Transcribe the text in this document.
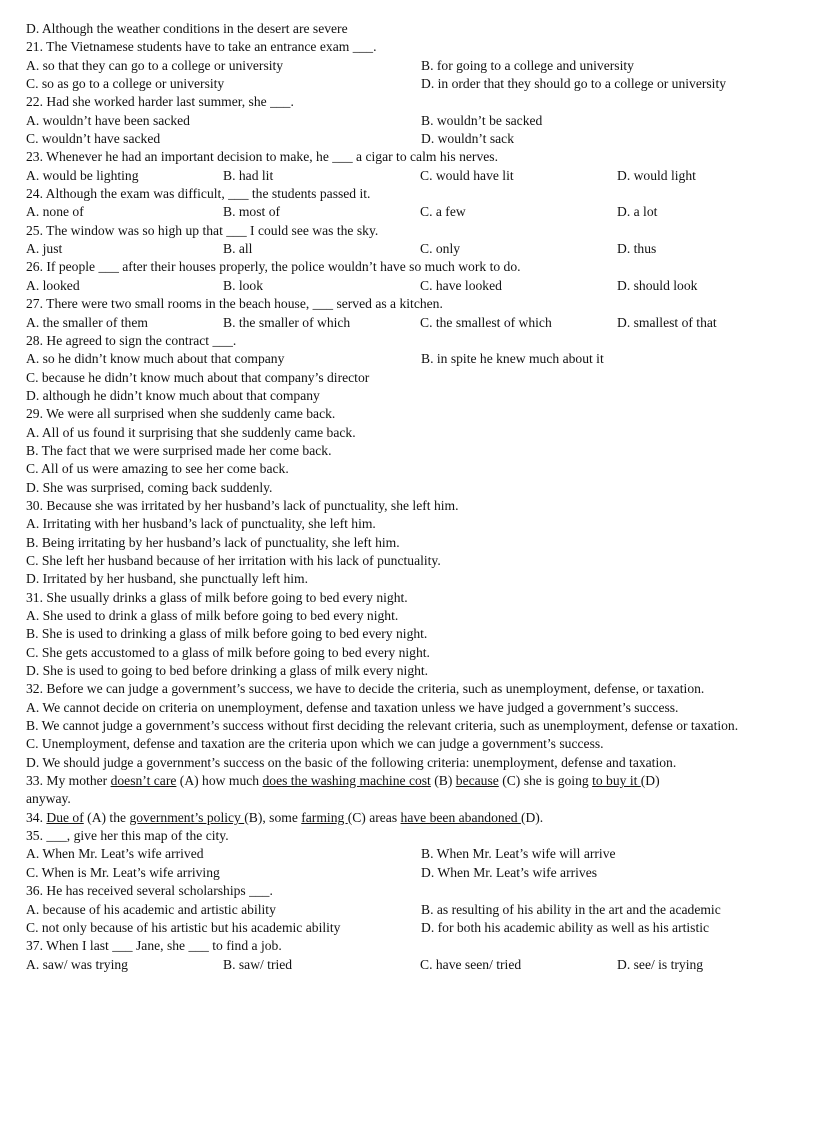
D. Although the weather conditions in the desert are severe
21. The Vietnamese students have to take an entrance exam ___.
A. so that they can go to a college or university	B. for going to a college and university
C. so as go to a college or university	D. in order that they should go to a college or university
22. Had she worked harder last summer, she ___.
A. wouldn’t have been sacked	B. wouldn’t be sacked
C. wouldn’t have sacked	D. wouldn’t sack
23. Whenever he had an important decision to make, he ___ a cigar to calm his nerves.
A. would be lighting	B. had lit	C. would have lit	D. would light
24. Although the exam was difficult, ___ the students passed it.
A. none of	B. most of	C. a few	D. a lot
25. The window was so high up that ___ I could see was the sky.
A. just	B. all	C. only	D. thus
26. If people ___ after their houses properly, the police wouldn’t have so much work to do.
A. looked	B. look	C. have looked	D. should look
27. There were two small rooms in the beach house, ___ served as a kitchen.
A. the smaller of them	B. the smaller of which	C. the smallest of which	D. smallest of that
28. He agreed to sign the contract ___.
A. so he didn’t know much about that company	B. in spite he knew much about it
C. because he didn’t know much about that company’s director
D. although he didn’t know much about that company
29. We were all surprised when she suddenly came back.
A. All of us found it surprising that she suddenly came back.
B. The fact that we were surprised made her come back.
C. All of us were amazing to see her come back.
D. She was surprised, coming back suddenly.
30. Because she was irritated by her husband’s lack of punctuality, she left him.
A. Irritating with her husband’s lack of punctuality, she left him.
B. Being irritating by her husband’s lack of punctuality, she left him.
C. She left her husband because of her irritation with his lack of punctuality.
D. Irritated by her husband, she punctually left him.
31. She usually drinks a glass of milk before going to bed every night.
A. She used to drink a glass of milk before going to bed every night.
B. She is used to drinking a glass of milk before going to bed every night.
C. She gets accustomed to a glass of milk before going to bed every night.
D. She is used to going to bed before drinking a glass of milk every night.
32. Before we can judge a government’s success, we have to decide the criteria, such as unemployment, defense, or taxation.
A. We cannot decide on criteria on unemployment, defense and taxation unless we have judged a government’s success.
B. We cannot judge a government’s success without first deciding the relevant criteria, such as unemployment, defense or taxation.
C. Unemployment, defense and taxation are the criteria upon which we can judge a government’s success.
D. We should judge a government’s success on the basic of the following criteria: unemployment, defense and taxation.
33. My mother doesn’t care (A) how much does the washing machine cost (B) because (C) she is going to buy it (D)
anyway.
34. Due of (A) the government’s policy (B), some farming (C) areas have been abandoned (D).
35. ___, give her this map of the city.
A. When Mr. Leat’s wife arrived	B. When Mr. Leat’s wife will arrive
C. When is Mr. Leat’s wife arriving	D. When Mr. Leat’s wife arrives
36. He has received several scholarships ___.
A. because of his academic and artistic ability	B. as resulting of his ability in the art and the academic
C. not only because of his artistic but his academic ability	D. for both his academic ability as well as his artistic
37. When I last ___ Jane, she ___ to find a job.
A. saw/ was trying	B. saw/ tried	C. have seen/ tried	D. see/ is trying
